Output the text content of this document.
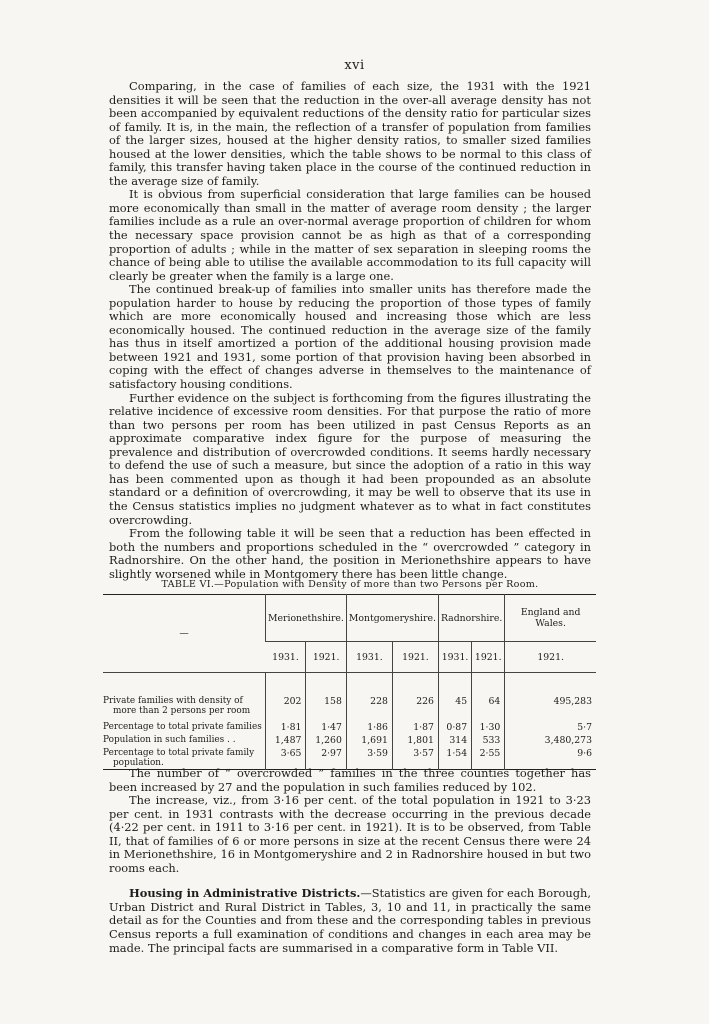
xvi

Comparing, in the case of families of each size, the 1931 with the 1921 densities it will be seen that the reduction in the over-all average density has not been accompanied by equivalent reductions of the density ratio for particular sizes of family. It is, in the main, the reflection of a transfer of population from families of the larger sizes, housed at the higher density ratios, to smaller sized families housed at the lower densities, which the table shows to be normal to this class of family, this transfer having taken place in the course of the continued reduction in the average size of family.

It is obvious from superficial consideration that large families can be housed more economically than small in the matter of average room density ; the larger families include as a rule an over-normal average proportion of children for whom the necessary space provision cannot be as high as that of a corresponding proportion of adults ; while in the matter of sex separation in sleeping rooms the chance of being able to utilise the available accommodation to its full capacity will clearly be greater when the family is a large one.

The continued break-up of families into smaller units has therefore made the population harder to house by reducing the proportion of those types of family which are more economically housed and increasing those which are less economically housed. The continued reduction in the average size of the family has thus in itself amortized a portion of the additional housing provision made between 1921 and 1931, some portion of that provision having been absorbed in coping with the effect of changes adverse in themselves to the maintenance of satisfactory housing conditions.

Further evidence on the subject is forthcoming from the figures illustrating the relative incidence of excessive room densities. For that purpose the ratio of more than two persons per room has been utilized in past Census Reports as an approximate comparative index figure for the purpose of measuring the prevalence and distribution of overcrowded conditions. It seems hardly necessary to defend the use of such a measure, but since the adoption of a ratio in this way has been commented upon as though it had been propounded as an absolute standard or a definition of overcrowding, it may be well to observe that its use in the Census statistics implies no judgment whatever as to what in fact constitutes overcrowding.

From the following table it will be seen that a reduction has been effected in both the numbers and proportions scheduled in the “ overcrowded ” category in Radnorshire. On the other hand, the position in Merionethshire appears to have slightly worsened while in Montgomery there has been little change.

TABLE VI.—Population with Density of more than two Persons per Room.
—	Merionethshire.		Montgomeryshire.		Radnorshire.		England and Wales.
	1931.	1921.	1931.	1921.	1931.	1921.	1921.

Private families with density of
more than 2 persons per room	202	158	228	226	45	64	495,283
Percentage to total private families	1·81	1·47	1·86	1·87	0·87	1·30	5·7
Population in such families . .	1,487	1,260	1,691	1,801	314	533	3,480,273
Percentage to total private family
population.	3·65	2·97	3·59	3·57	1·54	2·55	9·6

The number of “ overcrowded ” families in the three counties together has been increased by 27 and the population in such families reduced by 102.

The increase, viz., from 3·16 per cent. of the total population in 1921 to 3·23 per cent. in 1931 contrasts with the decrease occurring in the previous decade (4·22 per cent. in 1911 to 3·16 per cent. in 1921). It is to be observed, from Table II, that of families of 6 or more persons in size at the recent Census there were 24 in Merionethshire, 16 in Montgomeryshire and 2 in Radnorshire housed in but two rooms each.

Housing in Administrative Districts.—Statistics are given for each Borough, Urban District and Rural District in Tables, 3, 10 and 11, in practically the same detail as for the Counties and from these and the corresponding tables in previous Census reports a full examination of conditions and changes in each area may be made. The principal facts are summarised in a comparative form in Table VII.
